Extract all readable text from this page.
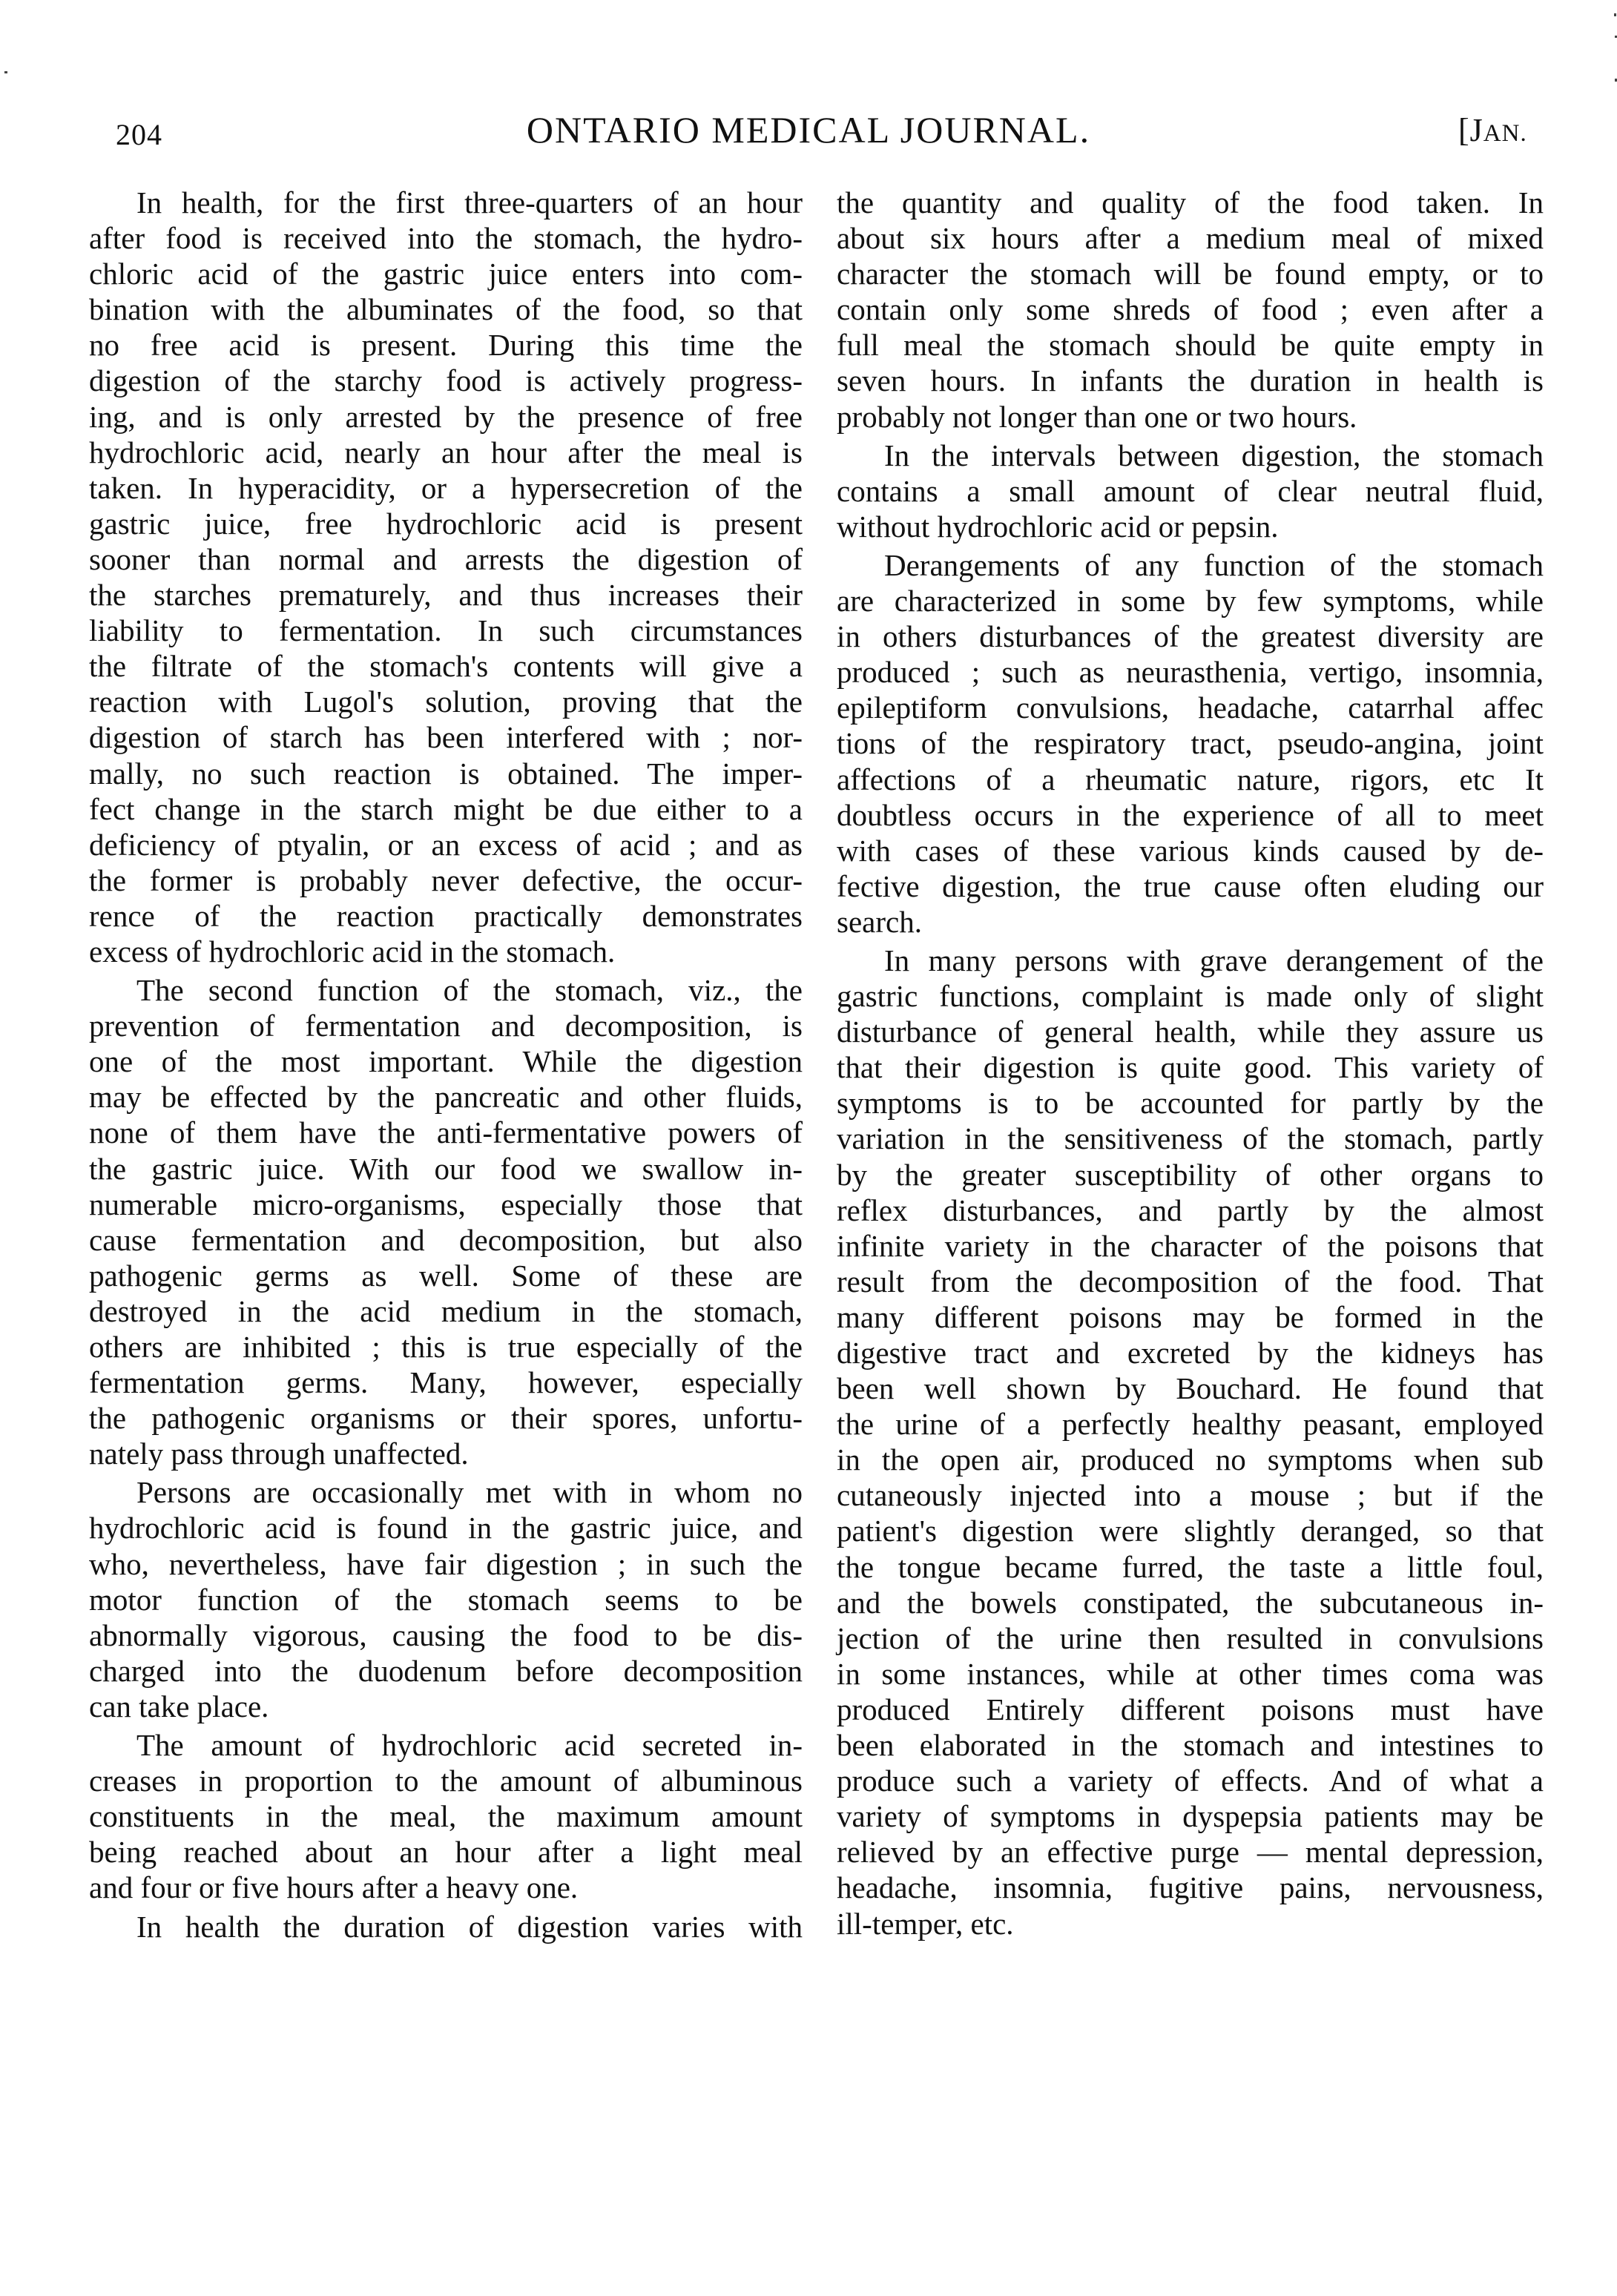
204	ONTARIO MEDICAL JOURNAL.	[JAN.
In health, for the first three-quarters of an hour
after food is received into the stomach, the hydro-
chloric acid of the gastric juice enters into com-
bination with the albuminates of the food, so that
no free acid is present. During this time the
digestion of the starchy food is actively progress-
ing, and is only arrested by the presence of free
hydrochloric acid, nearly an hour after the meal is
taken. In hyperacidity, or a hypersecretion of the
gastric juice, free hydrochloric acid is present
sooner than normal and arrests the digestion of
the starches prematurely, and thus increases their
liability to fermentation. In such circumstances
the filtrate of the stomach's contents will give a
reaction with Lugol's solution, proving that the
digestion of starch has been interfered with ; nor-
mally, no such reaction is obtained. The imper-
fect change in the starch might be due either to a
deficiency of ptyalin, or an excess of acid ; and as
the former is probably never defective, the occur-
rence of the reaction practically demonstrates
excess of hydrochloric acid in the stomach.
The second function of the stomach, viz., the
prevention of fermentation and decomposition, is
one of the most important. While the digestion
may be effected by the pancreatic and other fluids,
none of them have the anti-fermentative powers of
the gastric juice. With our food we swallow in-
numerable micro-organisms, especially those that
cause fermentation and decomposition, but also
pathogenic germs as well. Some of these are
destroyed in the acid medium in the stomach,
others are inhibited ; this is true especially of the
fermentation germs. Many, however, especially
the pathogenic organisms or their spores, unfortu-
nately pass through unaffected.
Persons are occasionally met with in whom no
hydrochloric acid is found in the gastric juice, and
who, nevertheless, have fair digestion ; in such the
motor function of the stomach seems to be
abnormally vigorous, causing the food to be dis-
charged into the duodenum before decomposition
can take place.
The amount of hydrochloric acid secreted in-
creases in proportion to the amount of albuminous
constituents in the meal, the maximum amount
being reached about an hour after a light meal
and four or five hours after a heavy one.
In health the duration of digestion varies with
the quantity and quality of the food taken. In
about six hours after a medium meal of mixed
character the stomach will be found empty, or to
contain only some shreds of food ; even after a
full meal the stomach should be quite empty in
seven hours. In infants the duration in health is
probably not longer than one or two hours.
In the intervals between digestion, the stomach
contains a small amount of clear neutral fluid,
without hydrochloric acid or pepsin.
Derangements of any function of the stomach
are characterized in some by few symptoms, while
in others disturbances of the greatest diversity are
produced ; such as neurasthenia, vertigo, insomnia,
epileptiform convulsions, headache, catarrhal affec
tions of the respiratory tract, pseudo-angina, joint
affections of a rheumatic nature, rigors, etc It
doubtless occurs in the experience of all to meet
with cases of these various kinds caused by de-
fective digestion, the true cause often eluding our
search.
In many persons with grave derangement of the
gastric functions, complaint is made only of slight
disturbance of general health, while they assure us
that their digestion is quite good. This variety of
symptoms is to be accounted for partly by the
variation in the sensitiveness of the stomach, partly
by the greater susceptibility of other organs to
reflex disturbances, and partly by the almost
infinite variety in the character of the poisons that
result from the decomposition of the food. That
many different poisons may be formed in the
digestive tract and excreted by the kidneys has
been well shown by Bouchard. He found that
the urine of a perfectly healthy peasant, employed
in the open air, produced no symptoms when sub
cutaneously injected into a mouse ; but if the
patient's digestion were slightly deranged, so that
the tongue became furred, the taste a little foul,
and the bowels constipated, the subcutaneous in-
jection of the urine then resulted in convulsions
in some instances, while at other times coma was
produced Entirely different poisons must have
been elaborated in the stomach and intestines to
produce such a variety of effects. And of what a
variety of symptoms in dyspepsia patients may be
relieved by an effective purge — mental depression,
headache, insomnia, fugitive pains, nervousness,
ill-temper, etc.
